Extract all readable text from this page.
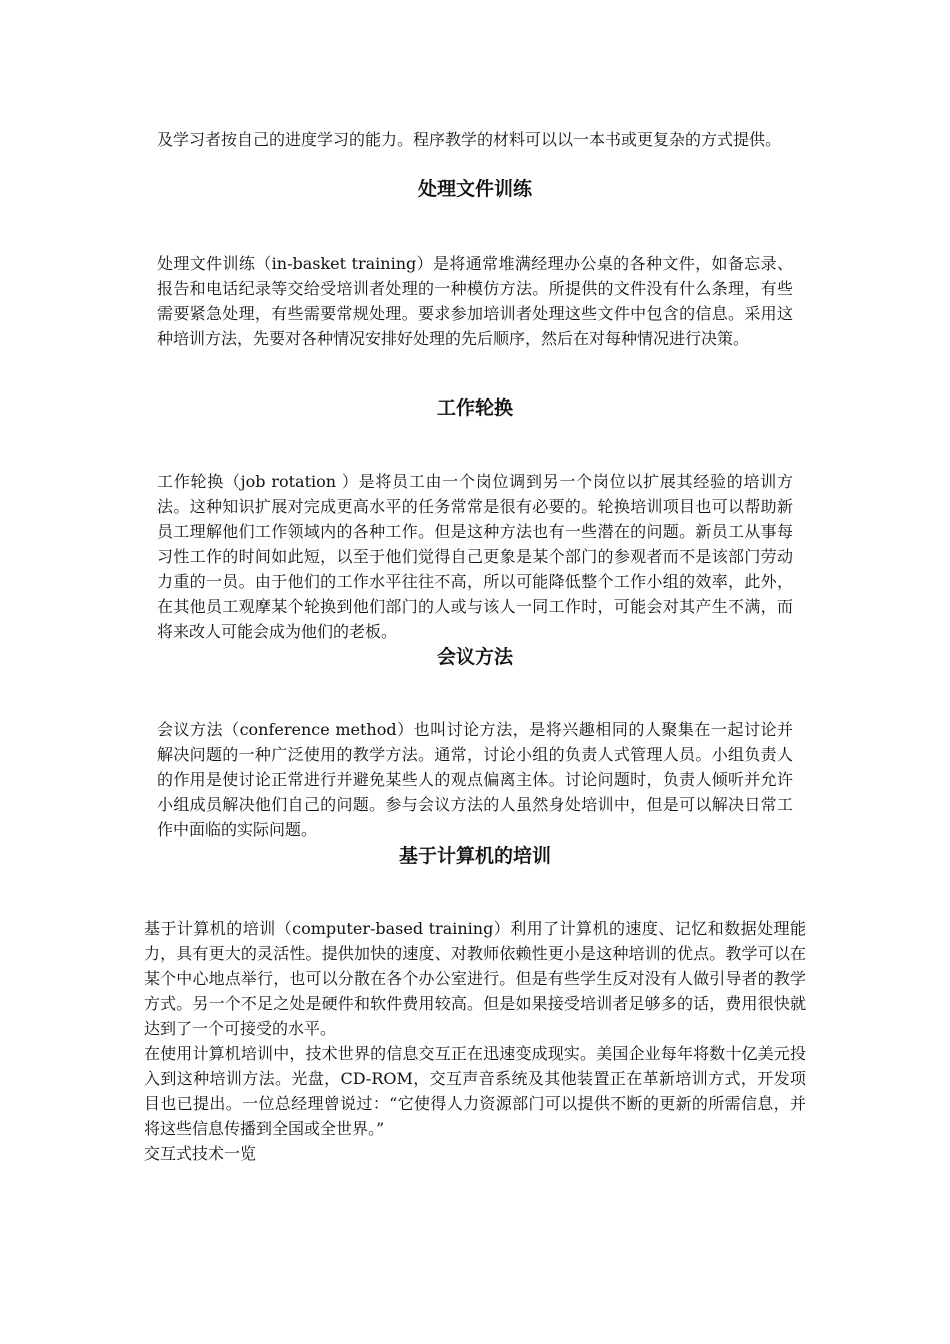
及学习者按自己的进度学习的能力。程序教学的材料可以以一本书或更复杂的方式提供。

处理文件训练

处理文件训练（in-basket training）是将通常堆满经理办公桌的各种文件，如备忘录、报告和电话纪录等交给受培训者处理的一种模仿方法。所提供的文件没有什么条理，有些需要紧急处理，有些需要常规处理。要求参加培训者处理这些文件中包含的信息。采用这种培训方法，先要对各种情况安排好处理的先后顺序，然后在对每种情况进行决策。

工作轮换

工作轮换（job rotation ）是将员工由一个岗位调到另一个岗位以扩展其经验的培训方法。这种知识扩展对完成更高水平的任务常常是很有必要的。轮换培训项目也可以帮助新员工理解他们工作领域内的各种工作。但是这种方法也有一些潜在的问题。新员工从事每习性工作的时间如此短，以至于他们觉得自己更象是某个部门的参观者而不是该部门劳动力重的一员。由于他们的工作水平往往不高，所以可能降低整个工作小组的效率，此外，在其他员工观摩某个轮换到他们部门的人或与该人一同工作时，可能会对其产生不满，而将来改人可能会成为他们的老板。

会议方法

会议方法（conference method）也叫讨论方法，是将兴趣相同的人聚集在一起讨论并解决问题的一种广泛使用的教学方法。通常，讨论小组的负责人式管理人员。小组负责人的作用是使讨论正常进行并避免某些人的观点偏离主体。讨论问题时，负责人倾听并允许小组成员解决他们自己的问题。参与会议方法的人虽然身处培训中，但是可以解决日常工作中面临的实际问题。

基于计算机的培训

基于计算机的培训（computer-based training）利用了计算机的速度、记忆和数据处理能力，具有更大的灵活性。提供加快的速度、对教师依赖性更小是这种培训的优点。教学可以在某个中心地点举行，也可以分散在各个办公室进行。但是有些学生反对没有人做引导者的教学方式。另一个不足之处是硬件和软件费用较高。但是如果接受培训者足够多的话，费用很快就达到了一个可接受的水平。

在使用计算机培训中，技术世界的信息交互正在迅速变成现实。美国企业每年将数十亿美元投入到这种培训方法。光盘，CD-ROM，交互声音系统及其他装置正在革新培训方式，开发项目也已提出。一位总经理曾说过：“它使得人力资源部门可以提供不断的更新的所需信息，并将这些信息传播到全国或全世界。”

交互式技术一览
